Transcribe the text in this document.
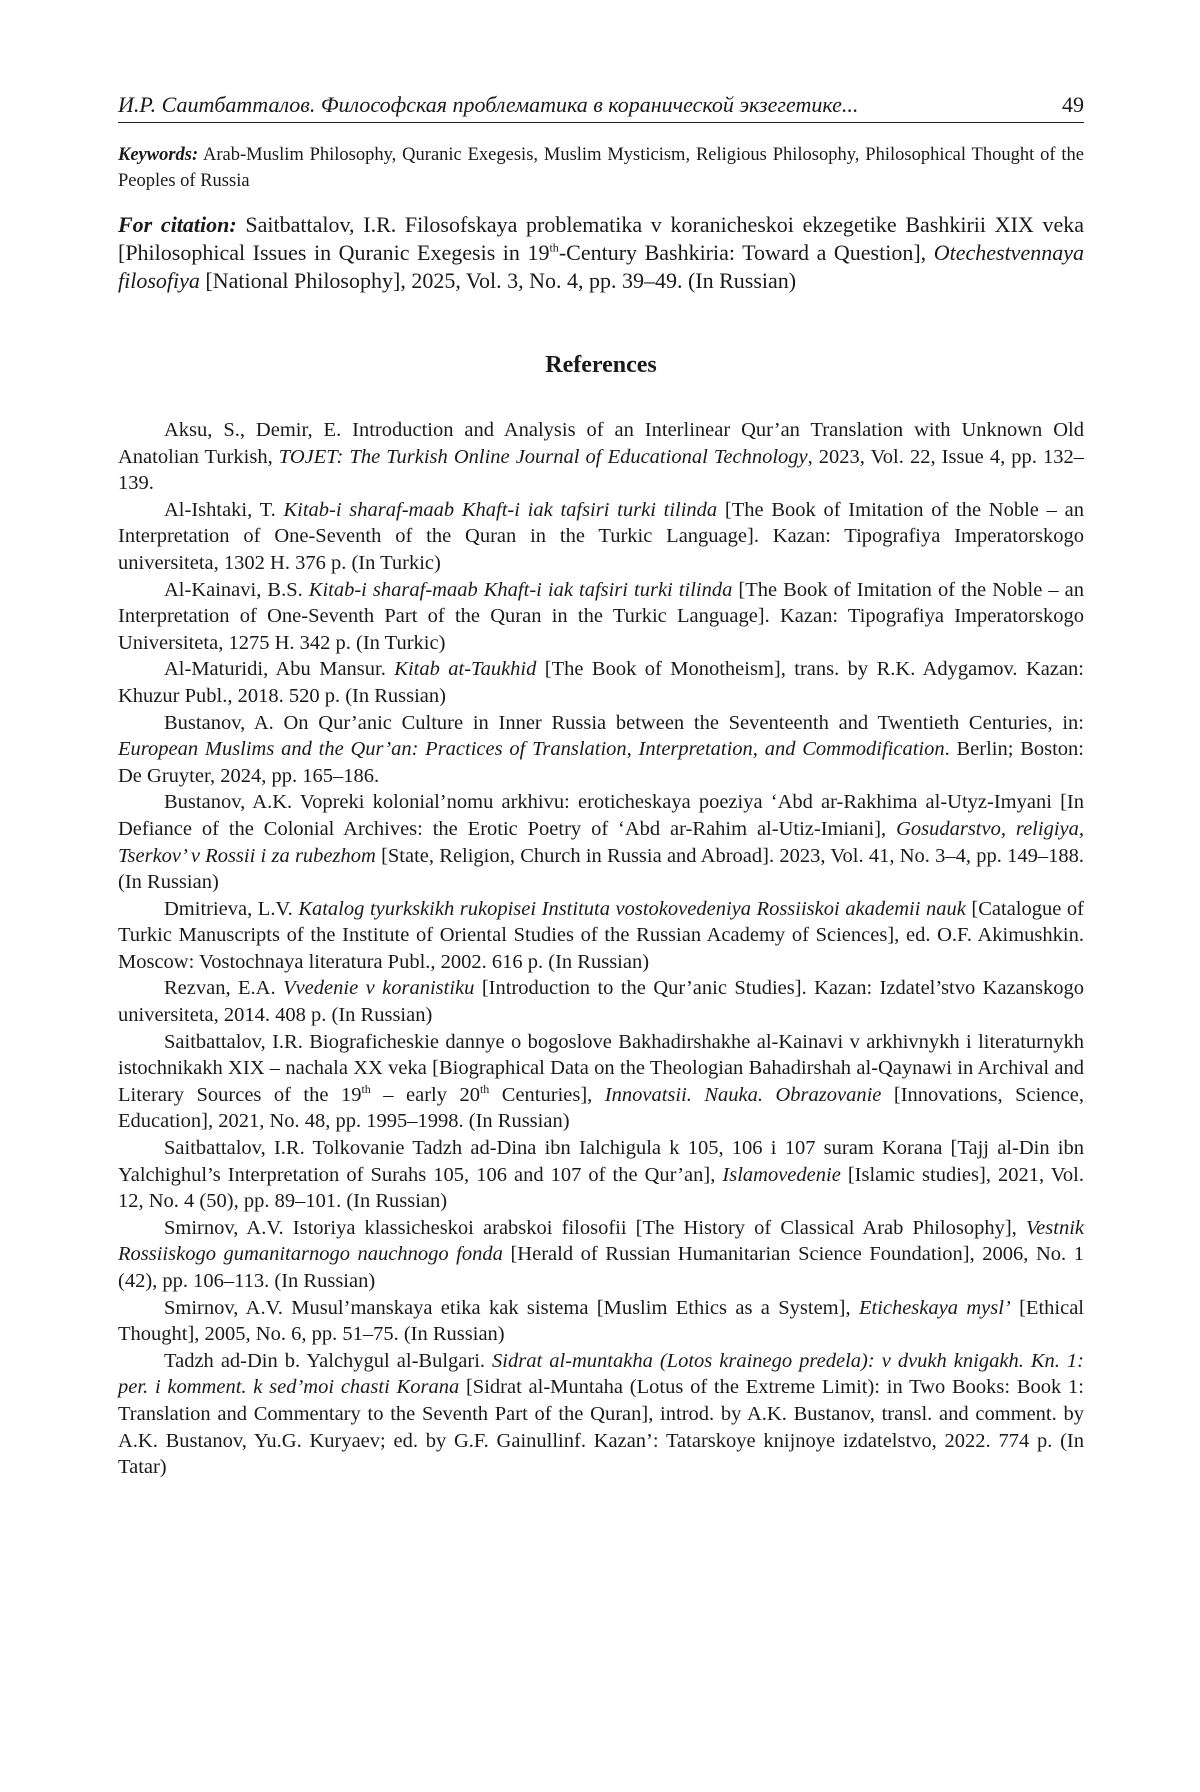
И.Р. Саитбатталов. Философская проблематика в коранической экзегетике...	49
Keywords: Arab-Muslim Philosophy, Quranic Exegesis, Muslim Mysticism, Religious Philosophy, Philosophical Thought of the Peoples of Russia
For citation: Saitbattalov, I.R. Filosofskaya problematika v koranicheskoi ekzegetike Bashkirii XIX veka [Philosophical Issues in Quranic Exegesis in 19th-Century Bashkiria: Toward a Question], Otechestvennaya filosofiya [National Philosophy], 2025, Vol. 3, No. 4, pp. 39–49. (In Russian)
References

Aksu, S., Demir, E. Introduction and Analysis of an Interlinear Qur’an Translation with Unknown Old Anatolian Turkish, TOJET: The Turkish Online Journal of Educational Technology, 2023, Vol. 22, Issue 4, pp. 132–139.

Al-Ishtaki, T. Kitab-i sharaf-maab Khaft-i iak tafsiri turki tilinda [The Book of Imitation of the Noble – an Interpretation of One-Seventh of the Quran in the Turkic Language]. Kazan: Tipografiya Imperatorskogo universiteta, 1302 H. 376 p. (In Turkic)

Al-Kainavi, B.S. Kitab-i sharaf-maab Khaft-i iak tafsiri turki tilinda [The Book of Imitation of the Noble – an Interpretation of One-Seventh Part of the Quran in the Turkic Language]. Kazan: Tipografiya Imperatorskogo Universiteta, 1275 H. 342 p. (In Turkic)

Al-Maturidi, Abu Mansur. Kitab at-Taukhid [The Book of Monotheism], trans. by R.K. Adygamov. Kazan: Khuzur Publ., 2018. 520 p. (In Russian)

Bustanov, A. On Qur’anic Culture in Inner Russia between the Seventeenth and Twentieth Centuries, in: European Muslims and the Qur’an: Practices of Translation, Interpretation, and Commodification. Berlin; Boston: De Gruyter, 2024, pp. 165–186.

Bustanov, A.K. Vopreki kolonial’nomu arkhivu: eroticheskaya poeziya ‘Abd ar-Rakhima al-Utyz-Imyani [In Defiance of the Colonial Archives: the Erotic Poetry of ‘Abd ar-Rahim al-Utiz-Imiani], Gosudarstvo, religiya, Tserkov’ v Rossii i za rubezhom [State, Religion, Church in Russia and Abroad]. 2023, Vol. 41, No. 3–4, pp. 149–188. (In Russian)

Dmitrieva, L.V. Katalog tyurkskikh rukopisei Instituta vostokovedeniya Rossiiskoi akademii nauk [Catalogue of Turkic Manuscripts of the Institute of Oriental Studies of the Russian Academy of Sciences], ed. O.F. Akimushkin. Moscow: Vostochnaya literatura Publ., 2002. 616 p. (In Russian)

Rezvan, E.A. Vvedenie v koranistiku [Introduction to the Qur’anic Studies]. Kazan: Izdatel’stvo Kazanskogo universiteta, 2014. 408 p. (In Russian)

Saitbattalov, I.R. Biograficheskie dannye o bogoslove Bakhadirshakhe al-Kainavi v arkhivnykh i literaturnykh istochnikakh XIX – nachala XX veka [Biographical Data on the Theologian Bahadirshah al-Qaynawi in Archival and Literary Sources of the 19th – early 20th Centuries], Innovatsii. Nauka. Obrazovanie [Innovations, Science, Education], 2021, No. 48, pp. 1995–1998. (In Russian)

Saitbattalov, I.R. Tolkovanie Tadzh ad-Dina ibn Ialchigula k 105, 106 i 107 suram Korana [Tajj al-Din ibn Yalchighul’s Interpretation of Surahs 105, 106 and 107 of the Qur’an], Islamovedenie [Islamic studies], 2021, Vol. 12, No. 4 (50), pp. 89–101. (In Russian)

Smirnov, A.V. Istoriya klassicheskoi arabskoi filosofii [The History of Classical Arab Philosophy], Vestnik Rossiiskogo gumanitarnogo nauchnogo fonda [Herald of Russian Humanitarian Science Foundation], 2006, No. 1 (42), pp. 106–113. (In Russian)

Smirnov, A.V. Musul’manskaya etika kak sistema [Muslim Ethics as a System], Eticheskaya mysl’ [Ethical Thought], 2005, No. 6, pp. 51–75. (In Russian)

Tadzh ad-Din b. Yalchygul al-Bulgari. Sidrat al-muntakha (Lotos krainego predela): v dvukh knigakh. Kn. 1: per. i komment. k sed’moi chasti Korana [Sidrat al-Muntaha (Lotus of the Extreme Limit): in Two Books: Book 1: Translation and Commentary to the Seventh Part of the Quran], introd. by A.K. Bustanov, transl. and comment. by A.K. Bustanov, Yu.G. Kuryaev; ed. by G.F. Gainullinf. Kazan’: Tatarskoye knijnoye izdatelstvo, 2022. 774 p. (In Tatar)
